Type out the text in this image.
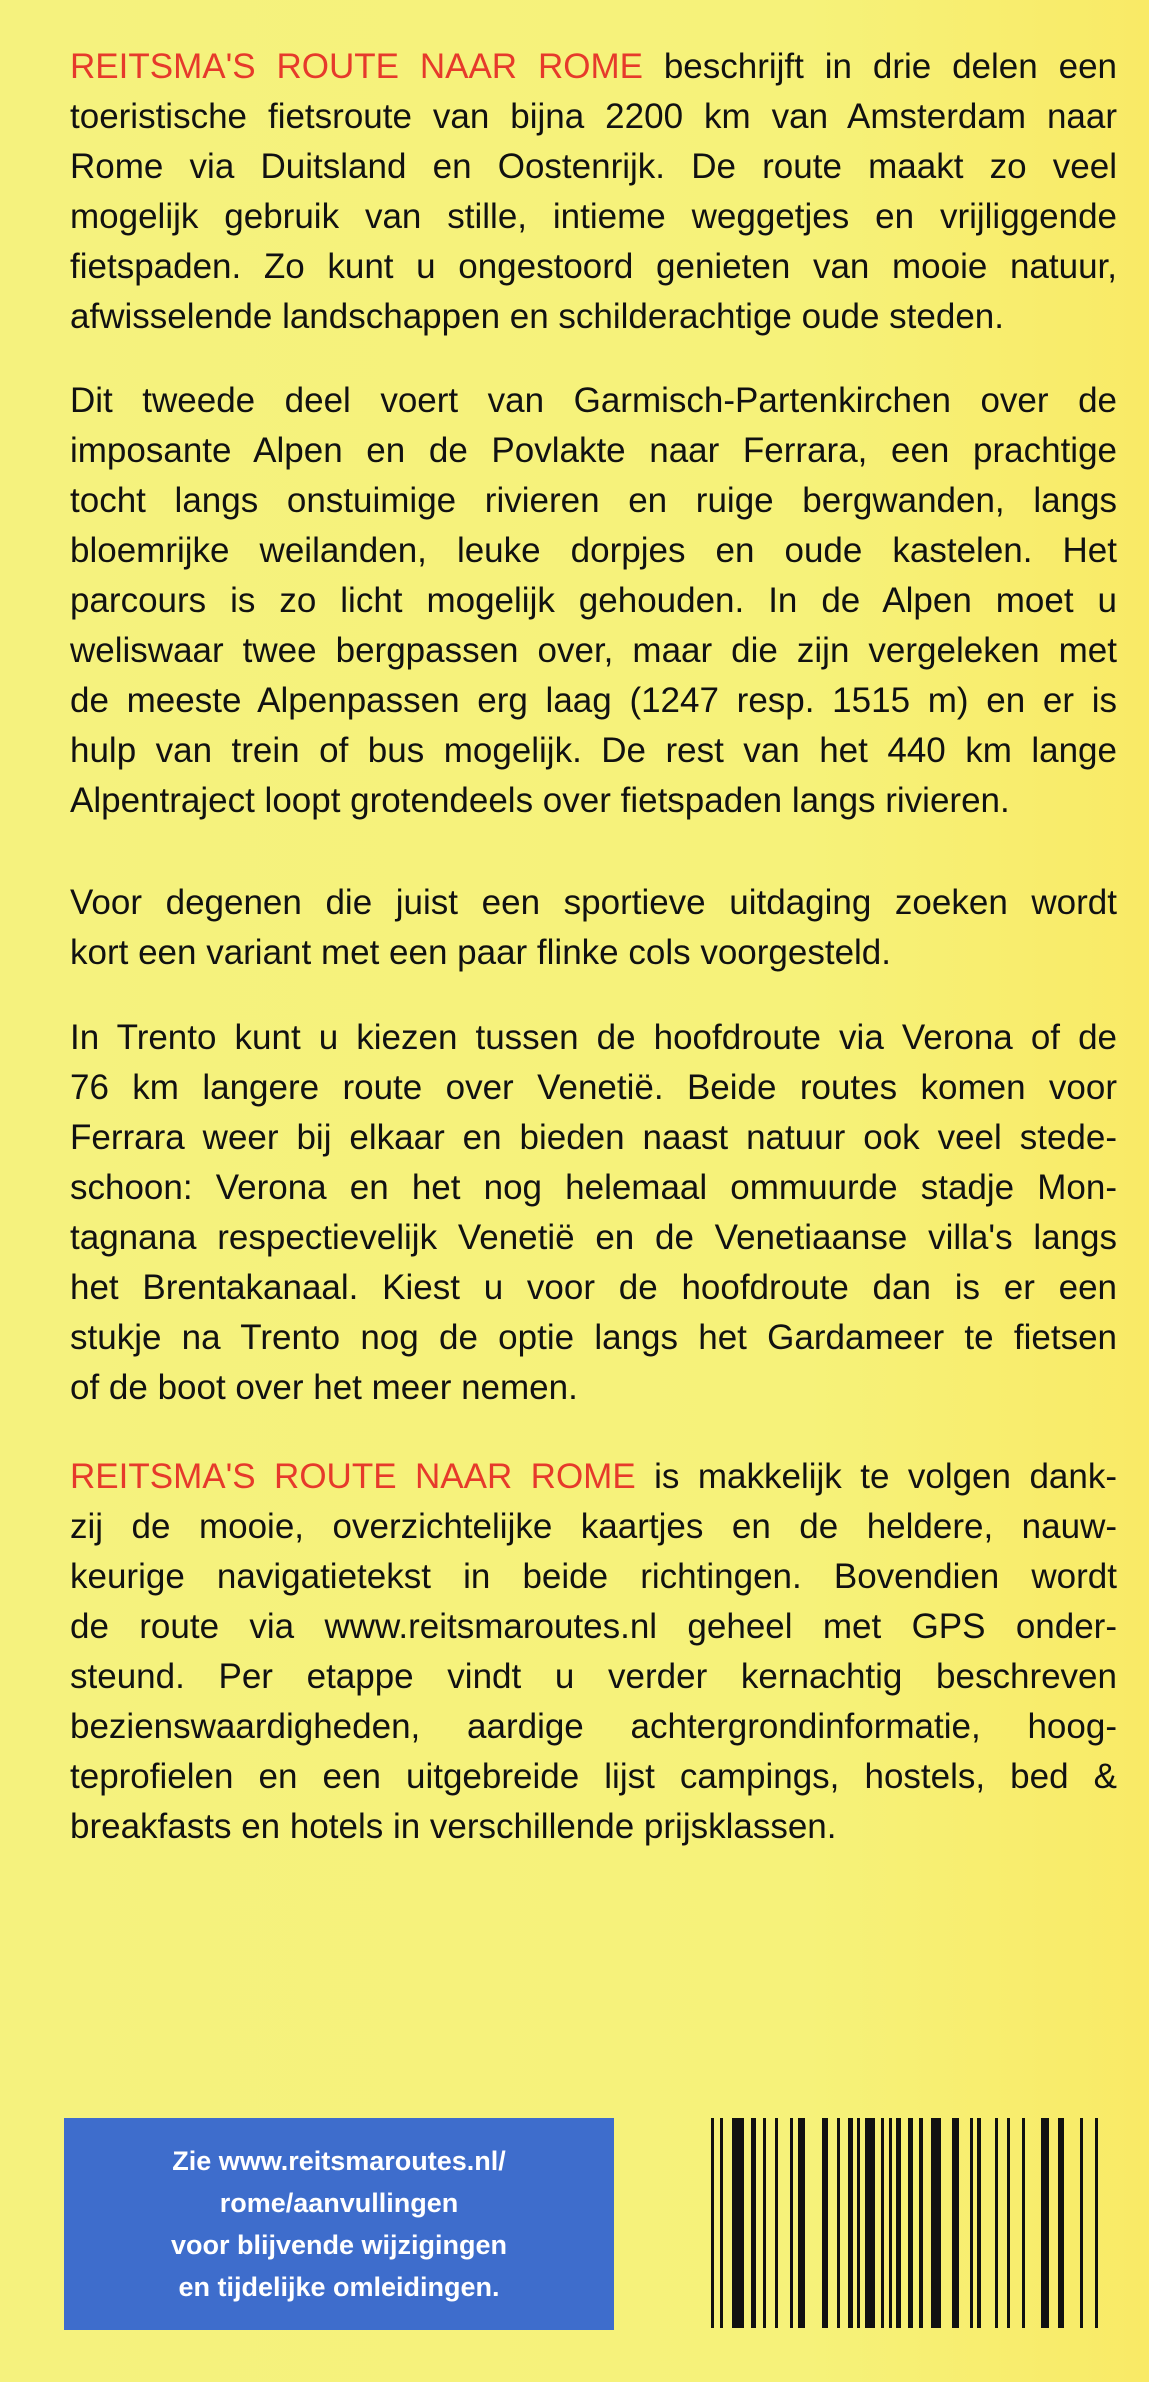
REITSMA'S ROUTE NAAR ROME beschrijft in drie delen een
toeristische fietsroute van bijna 2200 km van Amsterdam naar
Rome via Duitsland en Oostenrijk. De route maakt zo veel
mogelijk gebruik van stille, intieme weggetjes en vrijliggende
fietspaden. Zo kunt u ongestoord genieten van mooie natuur,
afwisselende landschappen en schilderachtige oude steden.
Dit tweede deel voert van Garmisch-Partenkirchen over de
imposante Alpen en de Povlakte naar Ferrara, een prachtige
tocht langs onstuimige rivieren en ruige bergwanden, langs
bloemrijke weilanden, leuke dorpjes en oude kastelen. Het
parcours is zo licht mogelijk gehouden. In de Alpen moet u
weliswaar twee bergpassen over, maar die zijn vergeleken met
de meeste Alpenpassen erg laag (1247 resp. 1515 m) en er is
hulp van trein of bus mogelijk. De rest van het 440 km lange
Alpentraject loopt grotendeels over fietspaden langs rivieren.
Voor degenen die juist een sportieve uitdaging zoeken wordt
kort een variant met een paar flinke cols voorgesteld.
In Trento kunt u kiezen tussen de hoofdroute via Verona of de
76 km langere route over Venetië. Beide routes komen voor
Ferrara weer bij elkaar en bieden naast natuur ook veel stede-
schoon: Verona en het nog helemaal ommuurde stadje Mon-
tagnana respectievelijk Venetië en de Venetiaanse villa's langs
het Brentakanaal. Kiest u voor de hoofdroute dan is er een
stukje na Trento nog de optie langs het Gardameer te fietsen
of de boot over het meer nemen.
REITSMA'S ROUTE NAAR ROME is makkelijk te volgen dank-
zij de mooie, overzichtelijke kaartjes en de heldere, nauw-
keurige navigatietekst in beide richtingen. Bovendien wordt
de route via www.reitsmaroutes.nl geheel met GPS onder-
steund. Per etappe vindt u verder kernachtig beschreven
bezienswaardigheden, aardige achtergrondinformatie, hoog-
teprofielen en een uitgebreide lijst campings, hostels, bed &
breakfasts en hotels in verschillende prijsklassen.
Zie www.reitsmaroutes.nl/
rome/aanvullingen
voor blijvende wijzigingen
en tijdelijke omleidingen.
